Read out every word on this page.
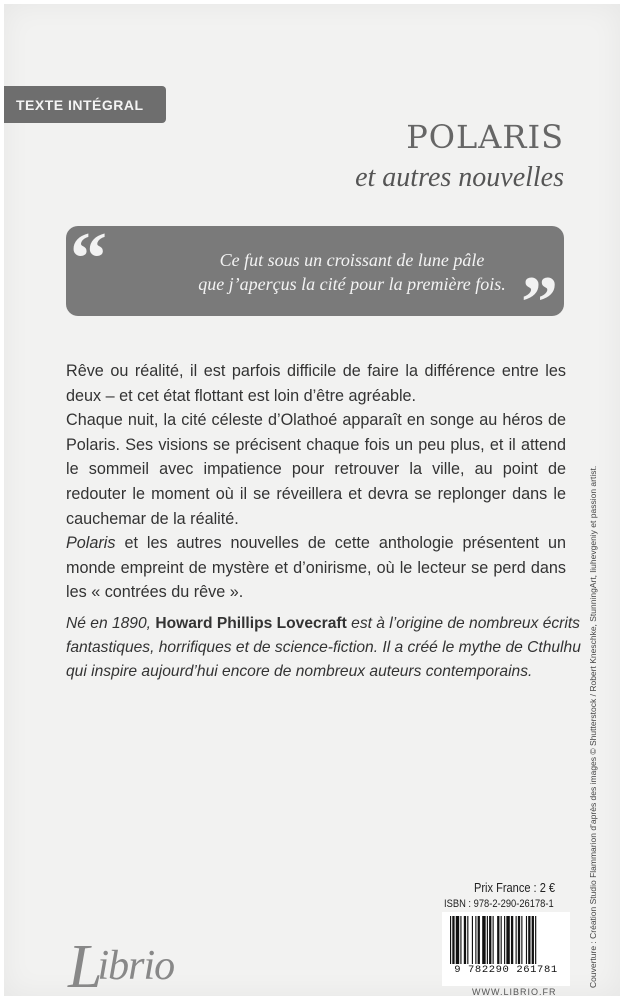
TEXTE INTÉGRAL
POLARIS
et autres nouvelles
“	Ce fut sous un croissant de lune pâle
que j’aperçus la cité pour la première fois. ”

Rêve ou réalité, il est parfois difficile de faire la différence entre les deux – et cet état flottant est loin d’être agréable.

Chaque nuit, la cité céleste d’Olathoé apparaît en songe au héros de Polaris. Ses visions se précisent chaque fois un peu plus, et il attend le sommeil avec impatience pour retrouver la ville, au point de redouter le moment où il se réveillera et devra se replonger dans le cauchemar de la réalité.

Polaris et les autres nouvelles de cette anthologie présentent un monde empreint de mystère et d’onirisme, où le lecteur se perd dans les « contrées du rêve ».

Né en 1890, Howard Phillips Lovecraft est à l’origine de nombreux écrits fantastiques, horrifiques et de science-fiction. Il a créé le mythe de Cthulhu qui inspire aujourd’hui encore de nombreux auteurs contemporains.
Librio
Prix France : 2 €
ISBN : 978-2-290-26178-1
9 782290 261781
WWW.LIBRIO.FR
Couverture : Création Studio Flammarion d’après des images © Shutterstock / Robert Kneschke, StunningArt, liuhevgeniy et passion artist.
